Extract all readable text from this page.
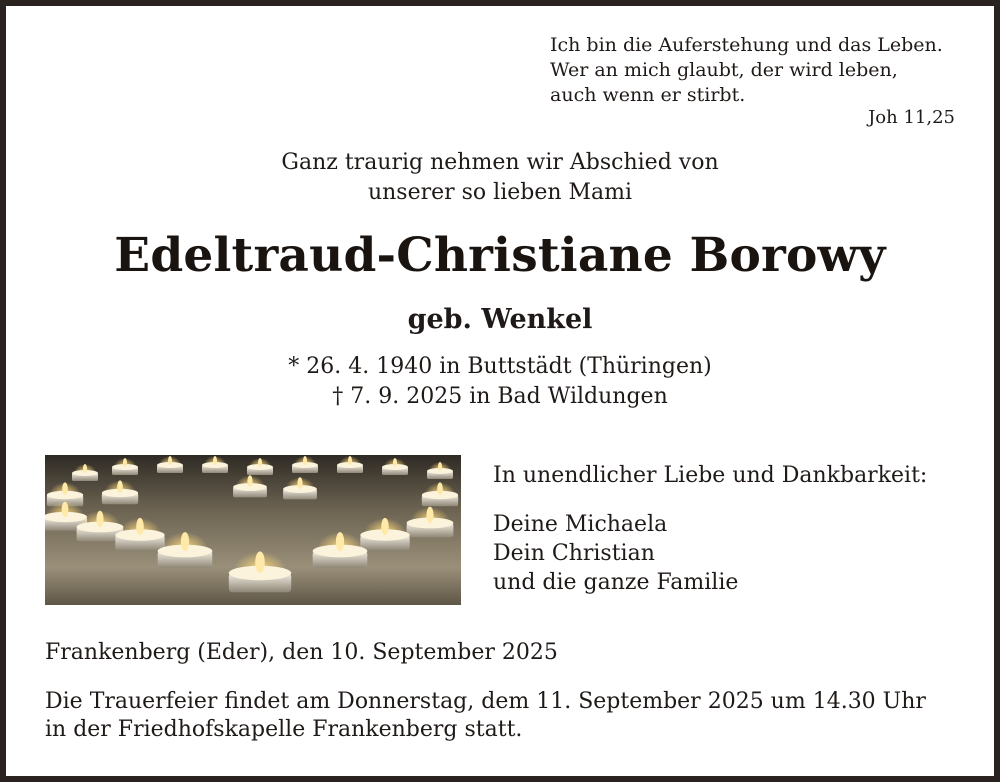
Ich bin die Auferstehung und das Leben.
Wer an mich glaubt, der wird leben,
auch wenn er stirbt.
Joh 11,25
Ganz traurig nehmen wir Abschied von
unserer so lieben Mami
Edeltraud-Christiane Borowy
geb. Wenkel
* 26. 4. 1940 in Buttstädt (Thüringen)
† 7. 9. 2025 in Bad Wildungen
In unendlicher Liebe und Dankbarkeit:
Deine Michaela
Dein Christian
und die ganze Familie
Frankenberg (Eder), den 10. September 2025
Die Trauerfeier findet am Donnerstag, dem 11. September 2025 um 14.30 Uhr
in der Friedhofskapelle Frankenberg statt.
